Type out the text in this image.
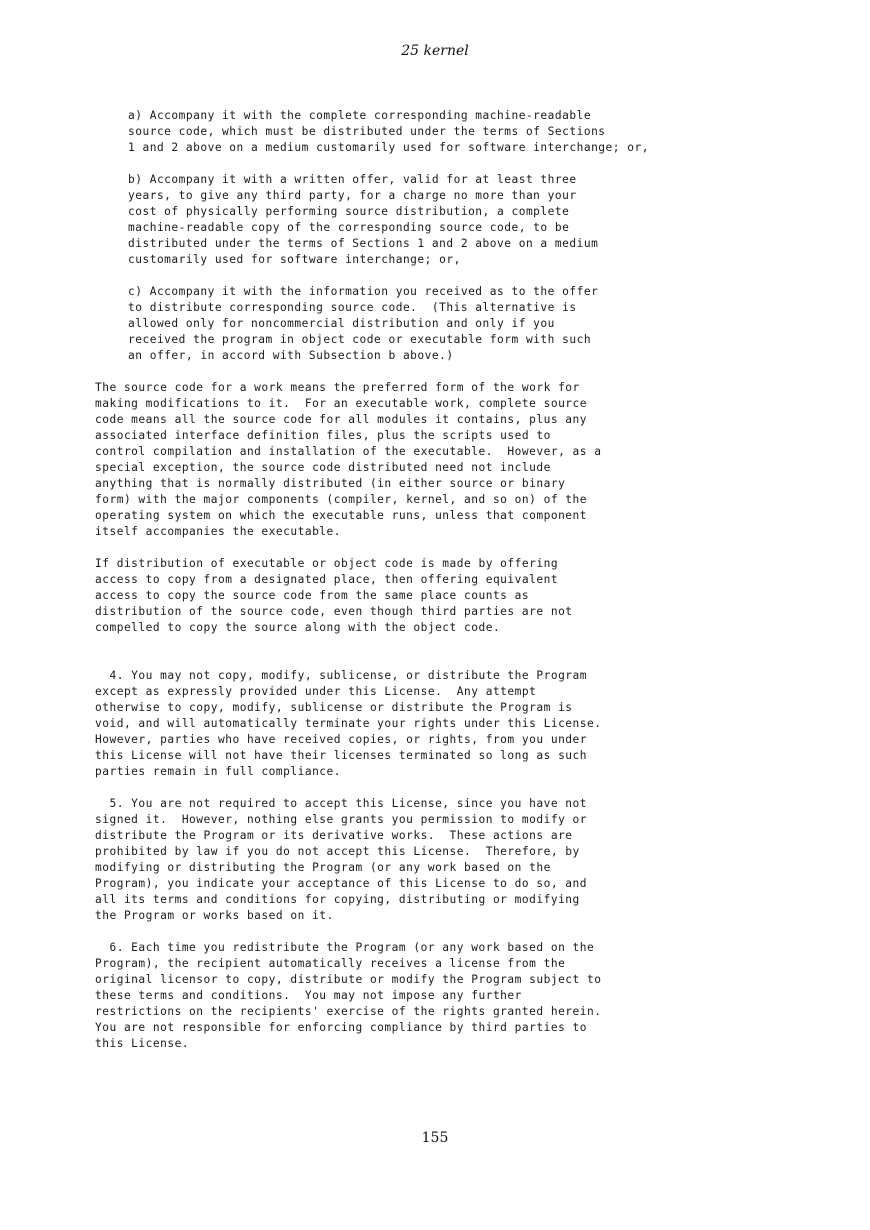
25 kernel

a) Accompany it with the complete corresponding machine-readable
source code, which must be distributed under the terms of Sections
1 and 2 above on a medium customarily used for software interchange; or,

b) Accompany it with a written offer, valid for at least three
years, to give any third party, for a charge no more than your
cost of physically performing source distribution, a complete
machine-readable copy of the corresponding source code, to be
distributed under the terms of Sections 1 and 2 above on a medium
customarily used for software interchange; or,

c) Accompany it with the information you received as to the offer
to distribute corresponding source code.  (This alternative is
allowed only for noncommercial distribution and only if you
received the program in object code or executable form with such
an offer, in accord with Subsection b above.)

The source code for a work means the preferred form of the work for
making modifications to it.  For an executable work, complete source
code means all the source code for all modules it contains, plus any
associated interface definition files, plus the scripts used to
control compilation and installation of the executable.  However, as a
special exception, the source code distributed need not include
anything that is normally distributed (in either source or binary
form) with the major components (compiler, kernel, and so on) of the
operating system on which the executable runs, unless that component
itself accompanies the executable.

If distribution of executable or object code is made by offering
access to copy from a designated place, then offering equivalent
access to copy the source code from the same place counts as
distribution of the source code, even though third parties are not
compelled to copy the source along with the object code.

4. You may not copy, modify, sublicense, or distribute the Program
except as expressly provided under this License.  Any attempt
otherwise to copy, modify, sublicense or distribute the Program is
void, and will automatically terminate your rights under this License.
However, parties who have received copies, or rights, from you under
this License will not have their licenses terminated so long as such
parties remain in full compliance.

5. You are not required to accept this License, since you have not
signed it.  However, nothing else grants you permission to modify or
distribute the Program or its derivative works.  These actions are
prohibited by law if you do not accept this License.  Therefore, by
modifying or distributing the Program (or any work based on the
Program), you indicate your acceptance of this License to do so, and
all its terms and conditions for copying, distributing or modifying
the Program or works based on it.

6. Each time you redistribute the Program (or any work based on the
Program), the recipient automatically receives a license from the
original licensor to copy, distribute or modify the Program subject to
these terms and conditions.  You may not impose any further
restrictions on the recipients' exercise of the rights granted herein.
You are not responsible for enforcing compliance by third parties to
this License.

155
